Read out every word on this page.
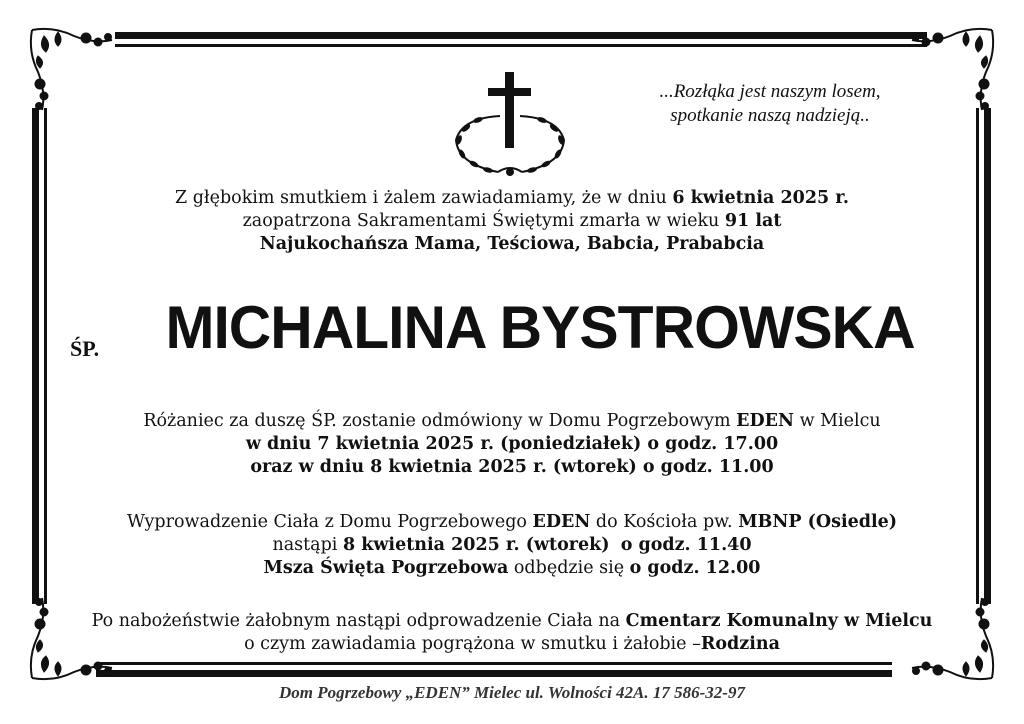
...Rozłąka jest naszym losem,
spotkanie naszą nadzieją..

Z głębokim smutkiem i żalem zawiadamiamy, że w dniu 6 kwietnia 2025 r.

zaopatrzona Sakramentami Świętymi zmarła w wieku 91 lat

Najukochańsza Mama, Teściowa, Babcia, Prababcia

ŚP.	MICHALINA BYSTROWSKA

Różaniec za duszę ŚP. zostanie odmówiony w Domu Pogrzebowym EDEN w Mielcu

w dniu 7 kwietnia 2025 r. (poniedziałek) o godz. 17.00

oraz w dniu 8 kwietnia 2025 r. (wtorek) o godz. 11.00

Wyprowadzenie Ciała z Domu Pogrzebowego EDEN do Kościoła pw. MBNP (Osiedle)

nastąpi 8 kwietnia 2025 r. (wtorek) o godz. 11.40

Msza Święta Pogrzebowa odbędzie się o godz. 12.00

Po nabożeństwie żałobnym nastąpi odprowadzenie Ciała na Cmentarz Komunalny w Mielcu

o czym zawiadamia pogrążona w smutku i żałobie –Rodzina

Dom Pogrzebowy „EDEN” Mielec ul. Wolności 42A. 17 586-32-97
